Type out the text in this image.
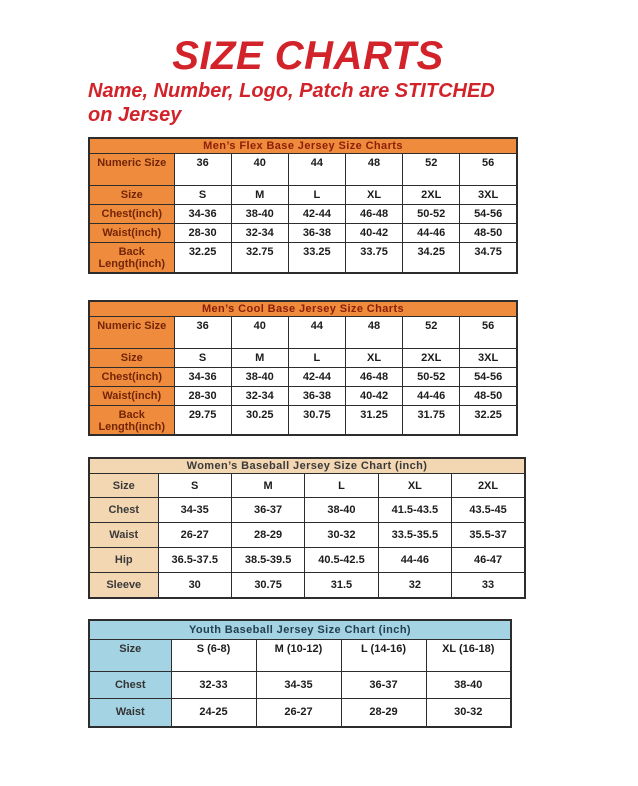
SIZE CHARTS

Name, Number, Logo, Patch are STITCHED
on Jersey

Men’s Flex Base Jersey Size Charts						
Numeric Size	36	40	44	48	52	56
Size	S	M	L	XL	2XL	3XL
Chest(inch)	34-36	38-40	42-44	46-48	50-52	54-56
Waist(inch)	28-30	32-34	36-38	40-42	44-46	48-50
Back Length(inch)	32.25	32.75	33.25	33.75	34.25	34.75
Men’s Cool Base Jersey Size Charts						
Numeric Size	36	40	44	48	52	56
Size	S	M	L	XL	2XL	3XL
Chest(inch)	34-36	38-40	42-44	46-48	50-52	54-56
Waist(inch)	28-30	32-34	36-38	40-42	44-46	48-50
Back Length(inch)	29.75	30.25	30.75	31.25	31.75	32.25
Women’s Baseball Jersey Size Chart (inch)					
Size	S	M	L	XL	2XL
Chest	34-35	36-37	38-40	41.5-43.5	43.5-45
Waist	26-27	28-29	30-32	33.5-35.5	35.5-37
Hip	36.5-37.5	38.5-39.5	40.5-42.5	44-46	46-47
Sleeve	30	30.75	31.5	32	33
Youth Baseball Jersey Size Chart (inch)				
Size	S (6-8)	M (10-12)	L (14-16)	XL (16-18)
Chest	32-33	34-35	36-37	38-40
Waist	24-25	26-27	28-29	30-32
